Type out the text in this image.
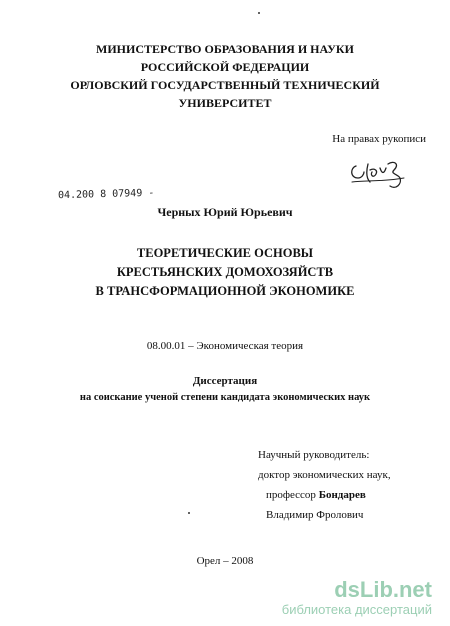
МИНИСТЕРСТВО ОБРАЗОВАНИЯ И НАУКИ
РОССИЙСКОЙ ФЕДЕРАЦИИ
ОРЛОВСКИЙ ГОСУДАРСТВЕННЫЙ ТЕХНИЧЕСКИЙ
УНИВЕРСИТЕТ
На правах рукописи
04.200 8 07949 -
Черных Юрий Юрьевич
ТЕОРЕТИЧЕСКИЕ ОСНОВЫ
КРЕСТЬЯНСКИХ ДОМОХОЗЯЙСТВ
В ТРАНСФОРМАЦИОННОЙ ЭКОНОМИКЕ
08.00.01 – Экономическая теория
Диссертация
на соискание ученой степени кандидата экономических наук
Научный руководитель:
доктор экономических наук,
профессор Бондарев
Владимир Фролович
Орел – 2008
dsLib.net
библиотека диссертаций
